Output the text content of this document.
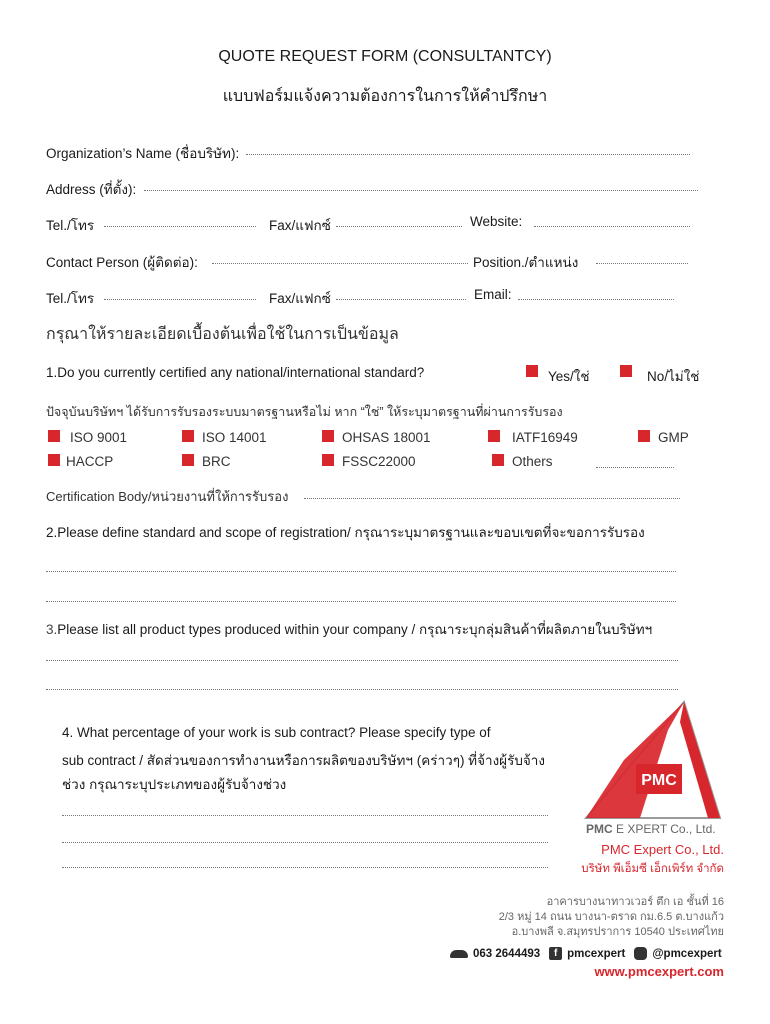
QUOTE REQUEST FORM (CONSULTANTCY)
แบบฟอร์มแจ้งความต้องการในการให้คำปรึกษา
Organization’s Name (ชื่อบริษัท):
Address (ที่ตั้ง):
Tel./โทร	Fax/แฟกซ์	Website:
Contact Person (ผู้ติดต่อ):	Position./ตำแหน่ง
Tel./โทร	Fax/แฟกซ์	Email:
กรุณาให้รายละเอียดเบื้องต้นเพื่อใช้ในการเป็นข้อมูล
1.Do you currently certified any national/international standard?	Yes/ใช่	No/ไม่ใช่
ปัจจุบันบริษัทฯ ได้รับการรับรองระบบมาตรฐานหรือไม่ หาก “ใช่” ให้ระบุมาตรฐานที่ผ่านการรับรอง
ISO 9001	ISO 14001	OHSAS 18001	IATF16949	GMP
HACCP	BRC	FSSC22000	Others
Certification Body/หน่วยงานที่ให้การรับรอง
2.Please define standard and scope of registration/ กรุณาระบุมาตรฐานและขอบเขตที่จะขอการรับรอง
3.Please list all product types produced within your company / กรุณาระบุกลุ่มสินค้าที่ผลิตภายในบริษัทฯ
4. What percentage of your work is sub contract? Please specify type of
sub contract / สัดส่วนของการทำงานหรือการผลิตของบริษัทฯ (คร่าวๆ) ที่จ้างผู้รับจ้าง
ช่วง กรุณาระบุประเภทของผู้รับจ้างช่วง	PMC
PMC E XPERT Co., Ltd.
PMC Expert Co., Ltd.
บริษัท พีเอ็มซี เอ็กเพิร์ท จำกัด
อาคารบางนาทาวเวอร์ ตึก เอ ชั้นที่ 16
2/3 หมู่ 14 ถนน บางนา-ตราด กม.6.5 ต.บางแก้ว
อ.บางพลี จ.สมุทรปราการ 10540 ประเทศไทย
063 2644493	f pmcexpert @pmcexpert
www.pmcexpert.com
